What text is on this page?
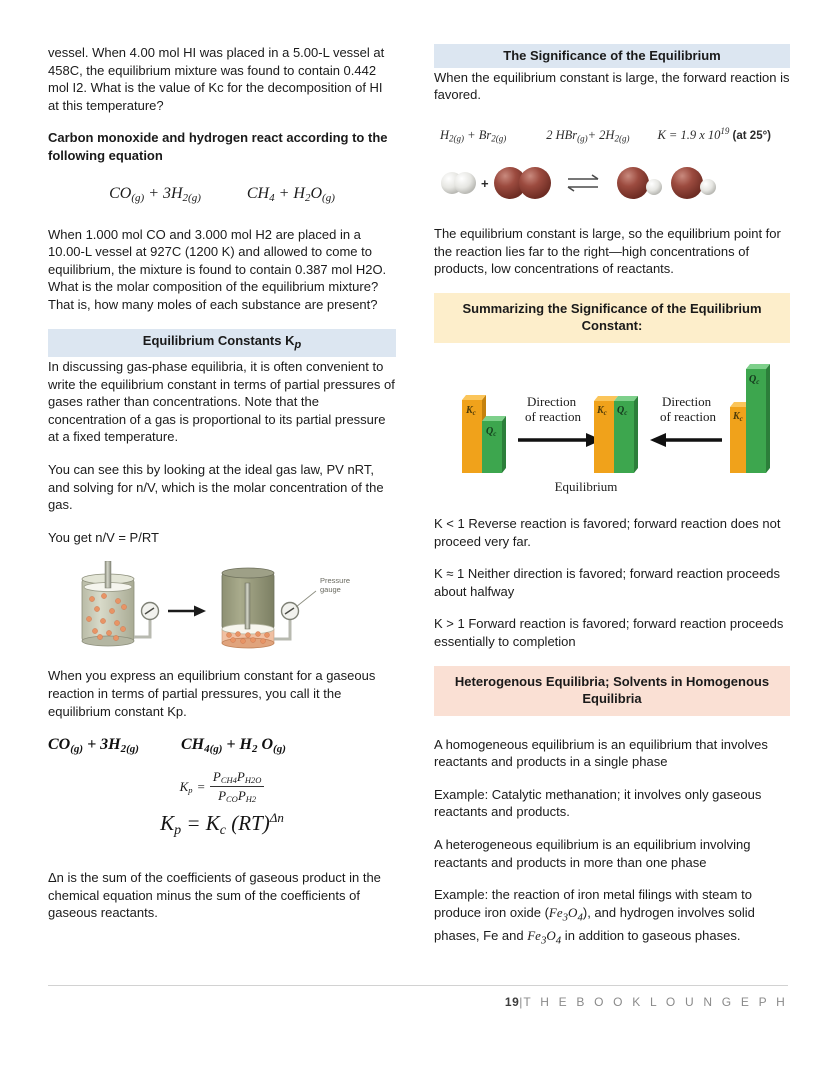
vessel. When 4.00 mol HI was placed in a 5.00-L vessel at 458C, the equilibrium mixture was found to contain 0.442 mol I2. What is the value of Kc for the decomposition of HI at this temperature?

Carbon monoxide and hydrogen react according to the following equation

$CO_{(g)} + 3H_{2(g)}$	$CH_4 + H_2O_{(g)}$

When 1.000 mol CO and 3.000 mol H2 are placed in a 10.00-L vessel at 927C (1200 K) and allowed to come to equilibrium, the mixture is found to contain 0.387 mol H2O. What is the molar composition of the equilibrium mixture? That is, how many moles of each substance are present?

Equilibrium Constants $K_p$

In discussing gas-phase equilibria, it is often convenient to write the equilibrium constant in terms of partial pressures of gases rather than concentrations. Note that the concentration of a gas is proportional to its partial pressure at a fixed temperature.

You can see this by looking at the ideal gas law, PV nRT, and solving for n/V, which is the molar concentration of the gas.

You get n/V = P/RT

Pressure
gauge

When you express an equilibrium constant for a gaseous reaction in terms of partial pressures, you call it the equilibrium constant Kp.

$CO_{(g)} + 3H_{2(g)}$	$CH_{4(g)} + H_2$ $O_{(g)}$
$Kp = \frac{\text{PCH4PH2O}}{\text{PCOPH2}}$
$K_p = K_c$ (RT)$^{\Delta n}$

Δn is the sum of the coefficients of gaseous product in the chemical equation minus the sum of the coefficients of gaseous reactants.

The Significance of the Equilibrium

When the equilibrium constant is large, the forward reaction is favored.

$H_{2(g)} + Br_{2(g)}$	2 $HBr_{(g)}+ 2H_{2(g)}$ K = 1.9 x $10^{19}$ (at 25°)
+

The equilibrium constant is large, so the equilibrium point for the reaction lies far to the right—high concentrations of products, low concentrations of reactants.

Summarizing the Significance of the Equilibrium Constant:
$K_c$
$Q_c$
Direction
of reaction $K_c$ $Q_c$
Direction
of reaction $K_c$
$Q_c$
Equilibrium

K < 1 Reverse reaction is favored; forward reaction does not proceed very far.

K ≈ 1 Neither direction is favored; forward reaction proceeds about halfway

K > 1 Forward reaction is favored; forward reaction proceeds essentially to completion

Heterogenous Equilibria; Solvents in Homogenous Equilibria

A homogeneous equilibrium is an equilibrium that involves reactants and products in a single phase

Example: Catalytic methanation; it involves only gaseous reactants and products.

A heterogeneous equilibrium is an equilibrium involving reactants and products in more than one phase

Example: the reaction of iron metal filings with steam to produce iron oxide $(Fe_3O_4)$, and hydrogen involves solid phases, Fe and $Fe_3O_4$ in addition to gaseous phases.

19|T H E B O O K L O U N G E P H
